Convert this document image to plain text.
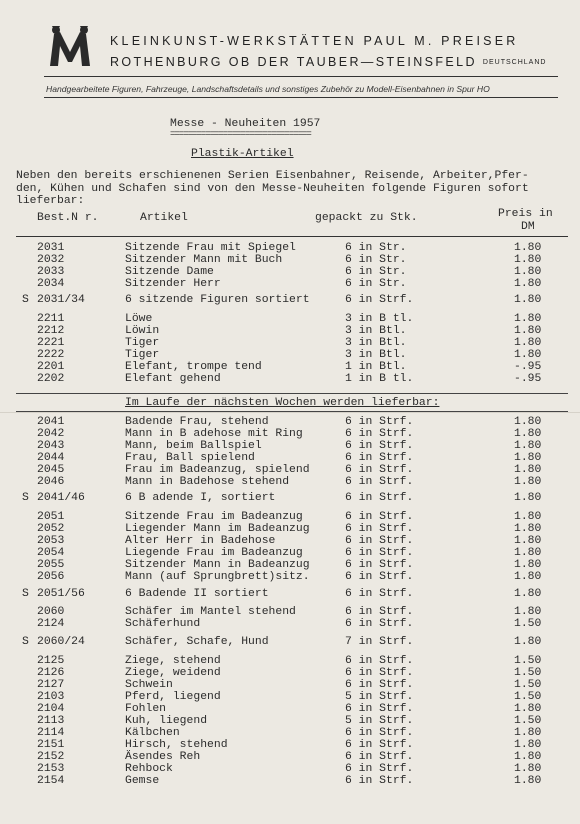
KLEINKUNST-WERKSTÄTTEN PAUL M. PREISER
ROTHENBURG OB DER TAUBER—STEINSFELD DEUTSCHLAND
Handgearbeitete Figuren, Fahrzeuge, Landschaftsdetails und sonstiges Zubehör zu Modell-Eisenbahnen in Spur HO
Messe - Neuheiten 1957
================================
Plastik-Artikel
Neben den bereits erschienenen Serien Eisenbahner, Reisende, Arbeiter,Pfer-
den, Kühen und Schafen sind von den Messe-Neuheiten folgende Figuren sofort
lieferbar:
Best.N r.	Artikel	gepackt zu Stk.	Preis in
DM
Im Laufe der nächsten Wochen werden lieferbar:
2031	Sitzende Frau mit Spiegel	6 in Str.	1.80
2032	Sitzender Mann mit Buch	6 in Str.	1.80
2033	Sitzende Dame	6 in Str.	1.80
2034	Sitzender Herr	6 in Str.	1.80
S 2031/34	6 sitzende Figuren sortiert	6 in Strf.	1.80
2211	Löwe	3 in B tl.	1.80
2212	Löwin	3 in Btl.	1.80
2221	Tiger	3 in Btl.	1.80
2222	Tiger	3 in Btl.	1.80
2201	Elefant, trompe tend	1 in Btl.	-.95
2202	Elefant gehend	1 in B tl.	-.95
2041	Badende Frau, stehend	6 in Strf.	1.80
2042	Mann in B adehose mit Ring	6 in Strf.	1.80
2043	Mann, beim Ballspiel	6 in Strf.	1.80
2044	Frau, Ball spielend	6 in Strf.	1.80
2045	Frau im Badeanzug, spielend	6 in Strf.	1.80
2046	Mann in Badehose stehend	6 in Strf.	1.80
S 2041/46	6 B adende I, sortiert	6 in Strf.	1.80
2051	Sitzende Frau im Badeanzug	6 in Strf.	1.80
2052	Liegender Mann im Badeanzug	6 in Strf.	1.80
2053	Alter Herr in Badehose	6 in Strf.	1.80
2054	Liegende Frau im Badeanzug	6 in Strf.	1.80
2055	Sitzender Mann in Badeanzug	6 in Strf.	1.80
2056	Mann (auf Sprungbrett)sitz.	6 in Strf.	1.80
S 2051/56	6 Badende II sortiert	6 in Strf.	1.80
2060	Schäfer im Mantel stehend	6 in Strf.	1.80
2124	Schäferhund	6 in Strf.	1.50
S 2060/24	Schäfer, Schafe, Hund	7 in Strf.	1.80
2125	Ziege, stehend	6 in Strf.	1.50
2126	Ziege, weidend	6 in Strf.	1.50
2127	Schwein	6 in Strf.	1.50
2103	Pferd, liegend	5 in Strf.	1.50
2104	Fohlen	6 in Strf.	1.80
2113	Kuh, liegend	5 in Strf.	1.50
2114	Kälbchen	6 in Strf.	1.80
2151	Hirsch, stehend	6 in Strf.	1.80
2152	Äsendes Reh	6 in Strf.	1.80
2153	Rehbock	6 in Strf.	1.80
2154	Gemse	6 in Strf.	1.80
